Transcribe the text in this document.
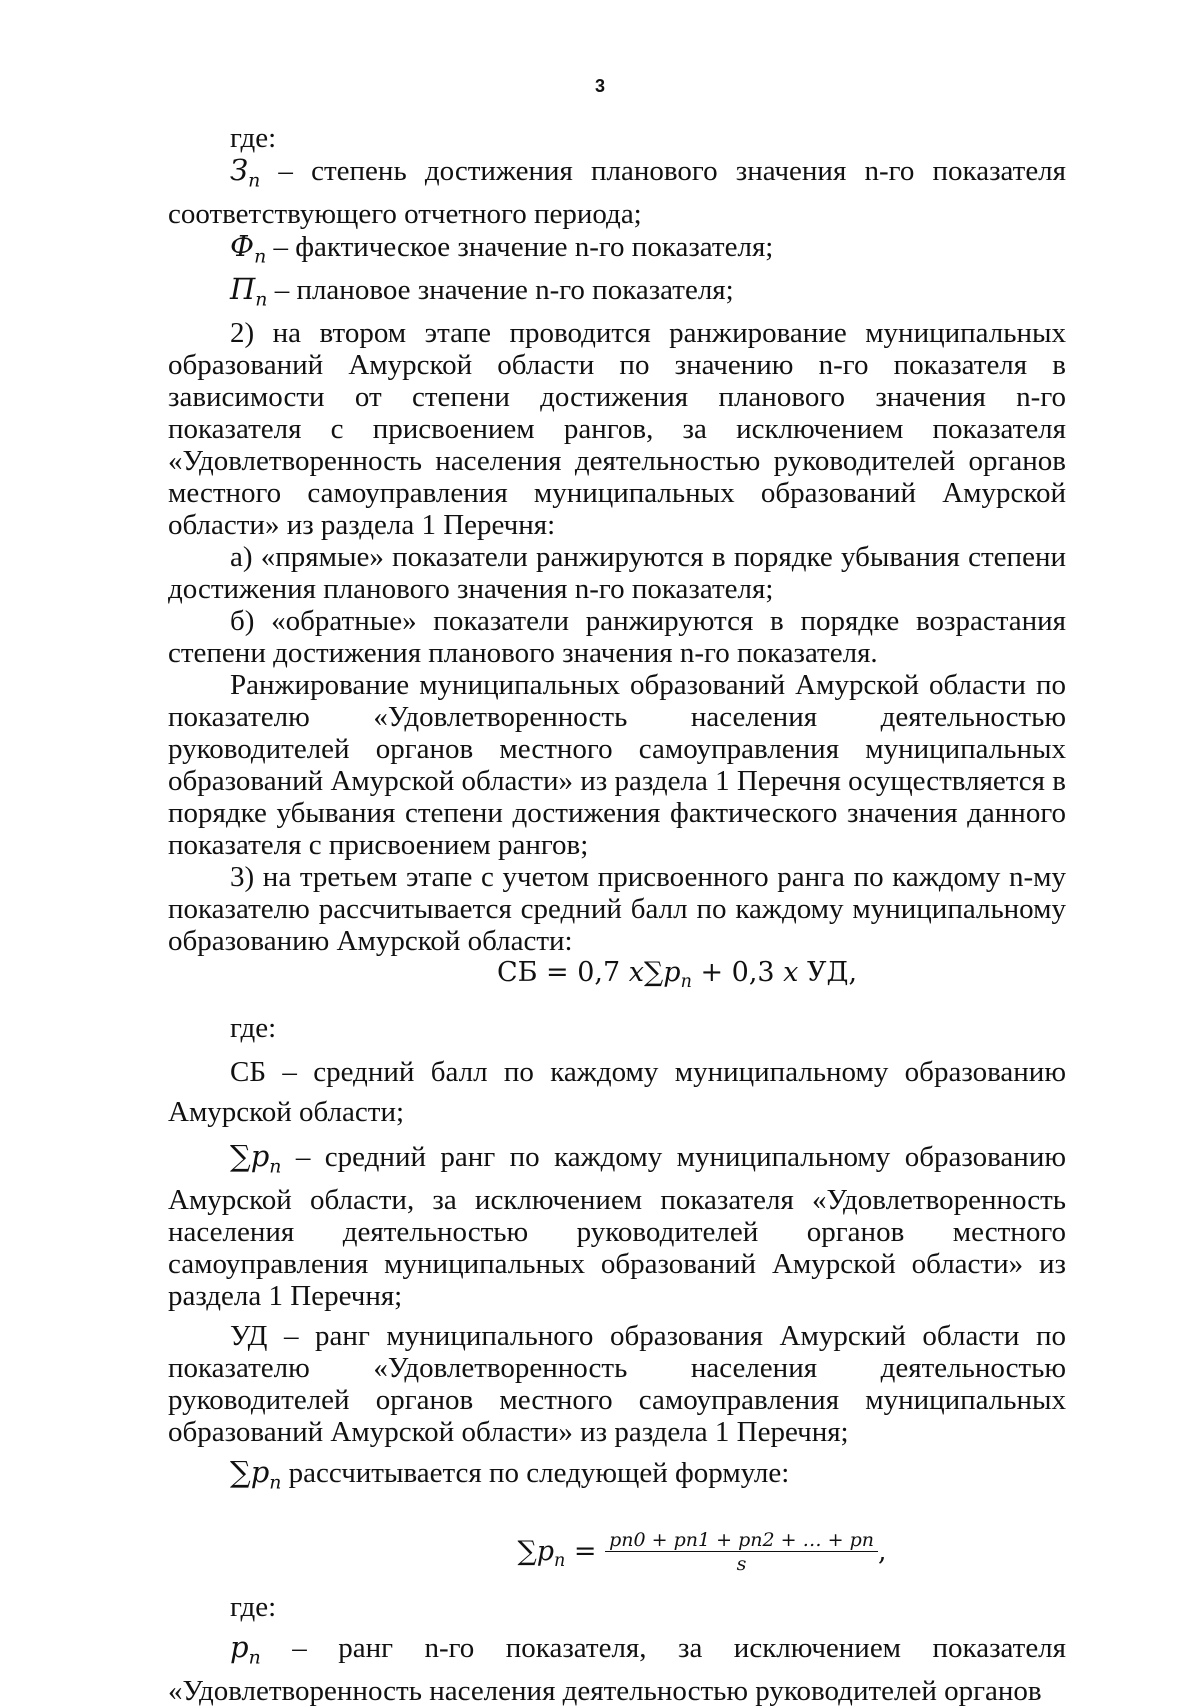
3

где:

$З_n$ – степень достижения планового значения n-го показателя соответствующего отчетного периода;

$Ф_n$ – фактическое значение n-го показателя;

$П_n$ – плановое значение n-го показателя;

2) на втором этапе проводится ранжирование муниципальных образований Амурской области по значению n-го показателя в зависимости от степени достижения планового значения n-го показателя с присвоением рангов, за исключением показателя «Удовлетворенность населения деятельностью руководителей органов местного самоуправления муниципальных образований Амурской области» из раздела 1 Перечня:

а) «прямые» показатели ранжируются в порядке убывания степени достижения планового значения n-го показателя;

б) «обратные» показатели ранжируются в порядке возрастания степени достижения планового значения n-го показателя.

Ранжирование муниципальных образований Амурской области по показателю «Удовлетворенность населения деятельностью руководителей органов местного самоуправления муниципальных образований Амурской области» из раздела 1 Перечня осуществляется в порядке убывания степени достижения фактического значения данного показателя с присвоением рангов;

3) на третьем этапе с учетом присвоенного ранга по каждому n-му показателю рассчитывается средний балл по каждому муниципальному образованию Амурской области:

СБ = 0,7 $x\sum p_n + 0,3$ x УД,

где:

СБ – средний балл по каждому муниципальному образованию Амурской области;

$\sum p_n$ – средний ранг по каждому муниципальному образованию Амурской области, за исключением показателя «Удовлетворенность населения деятельностью руководителей органов местного самоуправления муниципальных образований Амурской области» из раздела 1 Перечня;

УД – ранг муниципального образования Амурский области по показателю «Удовлетворенность населения деятельностью руководителей органов местного самоуправления муниципальных образований Амурской области» из раздела 1 Перечня;

$\sum p_n$ рассчитывается по следующей формуле:

$\sum p_n = \frac{pn0 + pn1 + pn2 + \dots + pn}{s}$ ,

где:

$p_n$ – ранг n-го показателя, за исключением показателя «Удовлетворенность населения деятельностью руководителей органов
